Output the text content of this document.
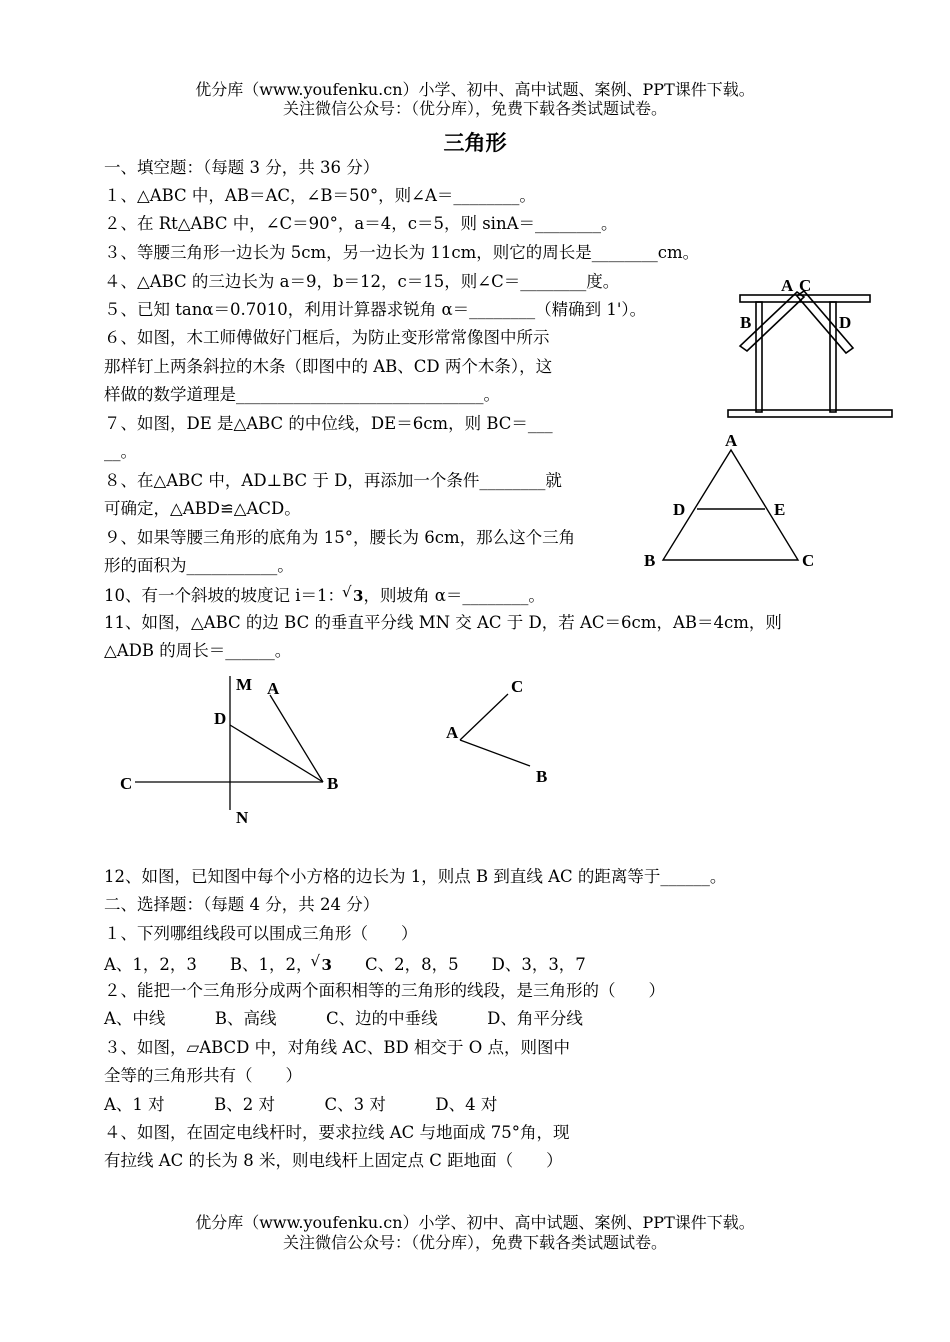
优分库（www.youfenku.cn）小学、初中、高中试题、案例、PPT课件下载。
关注微信公众号：（优分库），免费下载各类试题试卷。
三角形
一、填空题：（每题 3 分，共 36 分）
１、△ABC 中，AB＝AC，∠B＝50°，则∠A＝________。
２、在 Rt△ABC 中，∠C＝90°，a＝4，c＝5，则 sinA＝________。
３、等腰三角形一边长为 5cm，另一边长为 11cm，则它的周长是________cm。
４、△ABC 的三边长为 a＝9，b＝12，c＝15，则∠C＝________度。
５、已知 tanα＝0.7010，利用计算器求锐角 α＝________（精确到 1'）。
６、如图，木工师傅做好门框后，为防止变形常常像图中所示
那样钉上两条斜拉的木条（即图中的 AB、CD 两个木条），这
样做的数学道理是______________________________。
７、如图，DE 是△ABC 的中位线，DE＝6cm，则 BC＝___
__。
８、在△ABC 中，AD⊥BC 于 D，再添加一个条件________就
可确定，△ABD≌△ACD。
９、如果等腰三角形的底角为 15°，腰长为 6cm，那么这个三角
形的面积为___________。
10、有一个斜坡的坡度记 i＝1： √ 3，则坡角 α＝________。
11、如图，△ABC 的边 BC 的垂直平分线 MN 交 AC 于 D，若 AC＝6cm，AB＝4cm，则
△ADB 的周长＝______。
12、如图，已知图中每个小方格的边长为 1，则点 B 到直线 AC 的距离等于______。
二、选择题：（每题 4 分，共 24 分）
１、下列哪组线段可以围成三角形（　　）
A、1，2，3　　B、1，2， √ 3　　C、2，8，5　　D、3，3，7
２、能把一个三角形分成两个面积相等的三角形的线段，是三角形的（　　）
A、中线　　　B、高线　　　C、边的中垂线　　　D、角平分线
３、如图，▱ABCD 中，对角线 AC、BD 相交于 O 点，则图中
全等的三角形共有（　　）
A、1 对　　　B、2 对　　　C、3 对　　　D、4 对
４、如图，在固定电线杆时，要求拉线 AC 与地面成 75°角，现
有拉线 AC 的长为 8 米，则电线杆上固定点 C 距地面（　　）
优分库（www.youfenku.cn）小学、初中、高中试题、案例、PPT课件下载。
关注微信公众号：（优分库），免费下载各类试题试卷。
A C
B	D
A
D	E
B	C
M A
D
C	B
N
C
A
B
